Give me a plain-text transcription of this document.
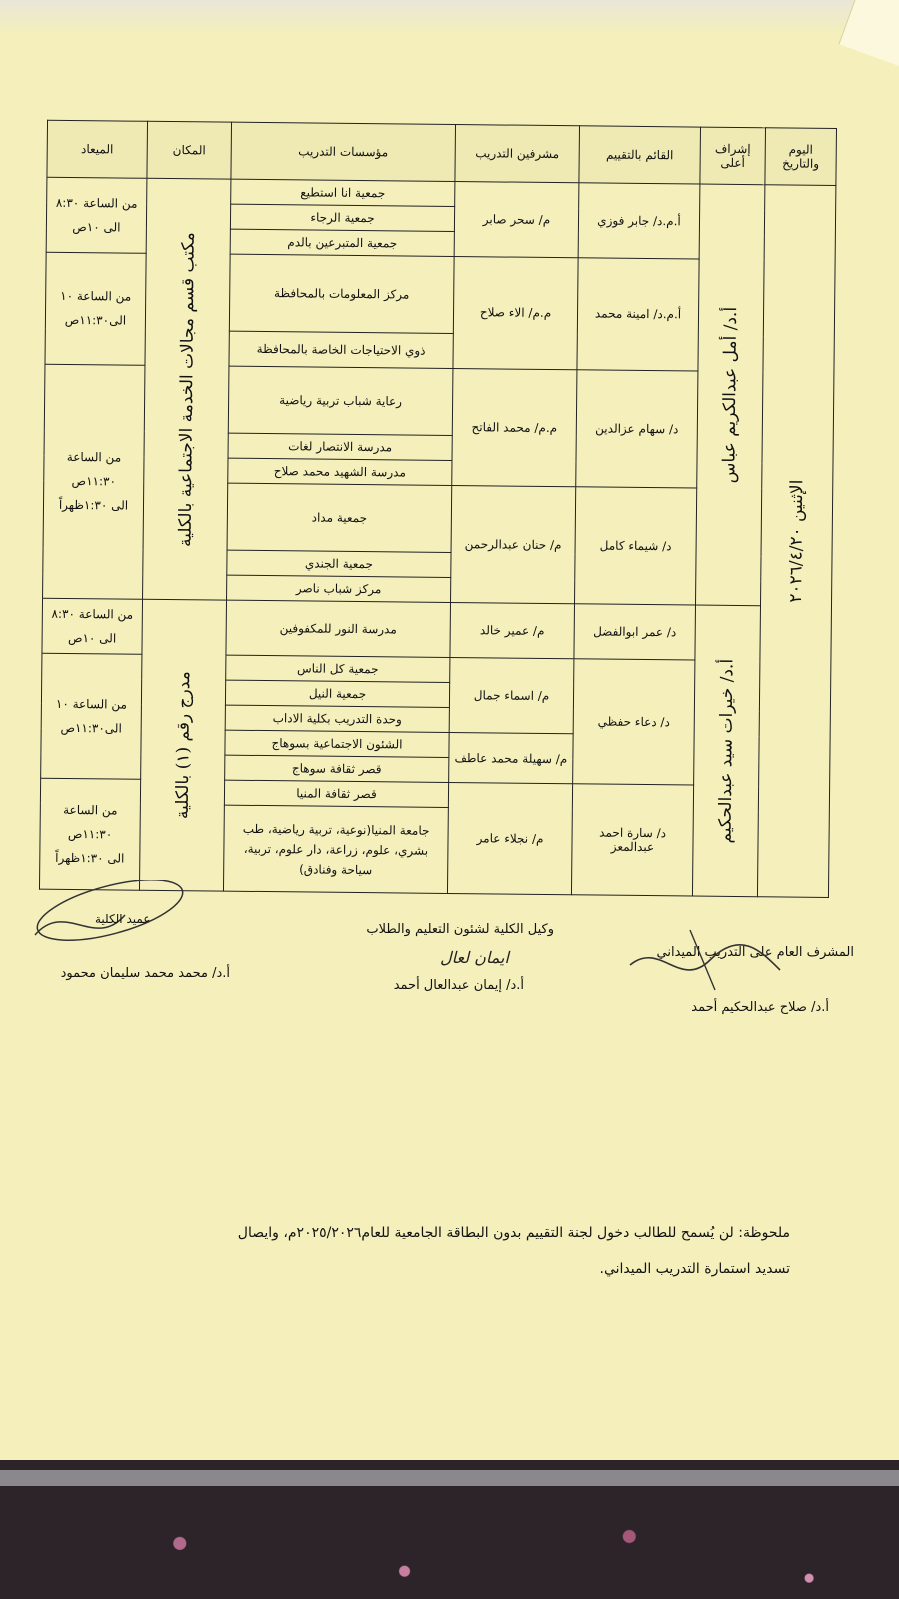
اليوم والتاريخ	إشراف أعلى	القائم بالتقييم	مشرفين التدريب	مؤسسات التدريب	المكان	الميعاد

الإثنين ٢٠٢٦/٤/٢٠	أ.د/ أمل عبدالكريم عباس	أ.م.د/ جابر فوزي	م/ سحر صابر	جمعية انا استطيع	مكتب قسم مجالات الخدمة الاجتماعية بالكلية	من الساعة ٨:٣٠
الى ١٠ص

				جمعية الرجاء		
				جمعية المتبرعين بالدم		
		أ.م.د/ امينة محمد	م.م/ الاء صلاح	مركز المعلومات بالمحافظة		من الساعة ١٠
الى١١:٣٠ص

				ذوي الاحتياجات الخاصة بالمحافظة		
		د/ سهام عزالدين	م.م/ محمد الفاتح	رعاية شباب تربية رياضية		من الساعة ١١:٣٠ص
الى ١:٣٠ظهراً

				مدرسة الانتصار لغات		
				مدرسة الشهيد محمد صلاح		
		د/ شيماء كامل	م/ حنان عبدالرحمن	جمعية مداد		
				جمعية الجندي		
				مركز شباب ناصر		

	أ.د/ خيرات سيد عبدالحكيم	د/ عمر ابوالفضل	م/ عمير خالد	مدرسة النور للمكفوفين	مدرج رقم (١) بالكلية	من الساعة ٨:٣٠
الى ١٠ص

		د/ دعاء حفظي	م/ اسماء جمال	جمعية كل الناس		من الساعة ١٠
الى١١:٣٠ص

				جمعية النيل		
				وحدة التدريب بكلية الاداب		
			م/ سهيلة محمد عاطف	الشئون الاجتماعية بسوهاج		
				قصر ثقافة سوهاج		
		د/ سارة احمد عبدالمعز	م/ نجلاء عامر	قصر ثقافة المنيا		من الساعة ١١:٣٠ص
الى ١:٣٠ظهراً

				جامعة المنيا(نوعية، تربية رياضية، طب بشري، علوم، زراعة، دار علوم، تربية، سياحة وفنادق)		
المشرف العام على التدريب الميداني
أ.د/ صلاح عبدالحكيم أحمد
وكيل الكلية لشئون التعليم والطلاب
ايمان لعال
أ.د/ إيمان عبدالعال أحمد
عميد الكلية
أ.د/ محمد محمد سليمان محمود
ملحوظة: لن يُسمح للطالب دخول لجنة التقييم بدون البطاقة الجامعية للعام٢٠٢٥/٢٠٢٦م، وايصال
تسديد استمارة التدريب الميداني.
